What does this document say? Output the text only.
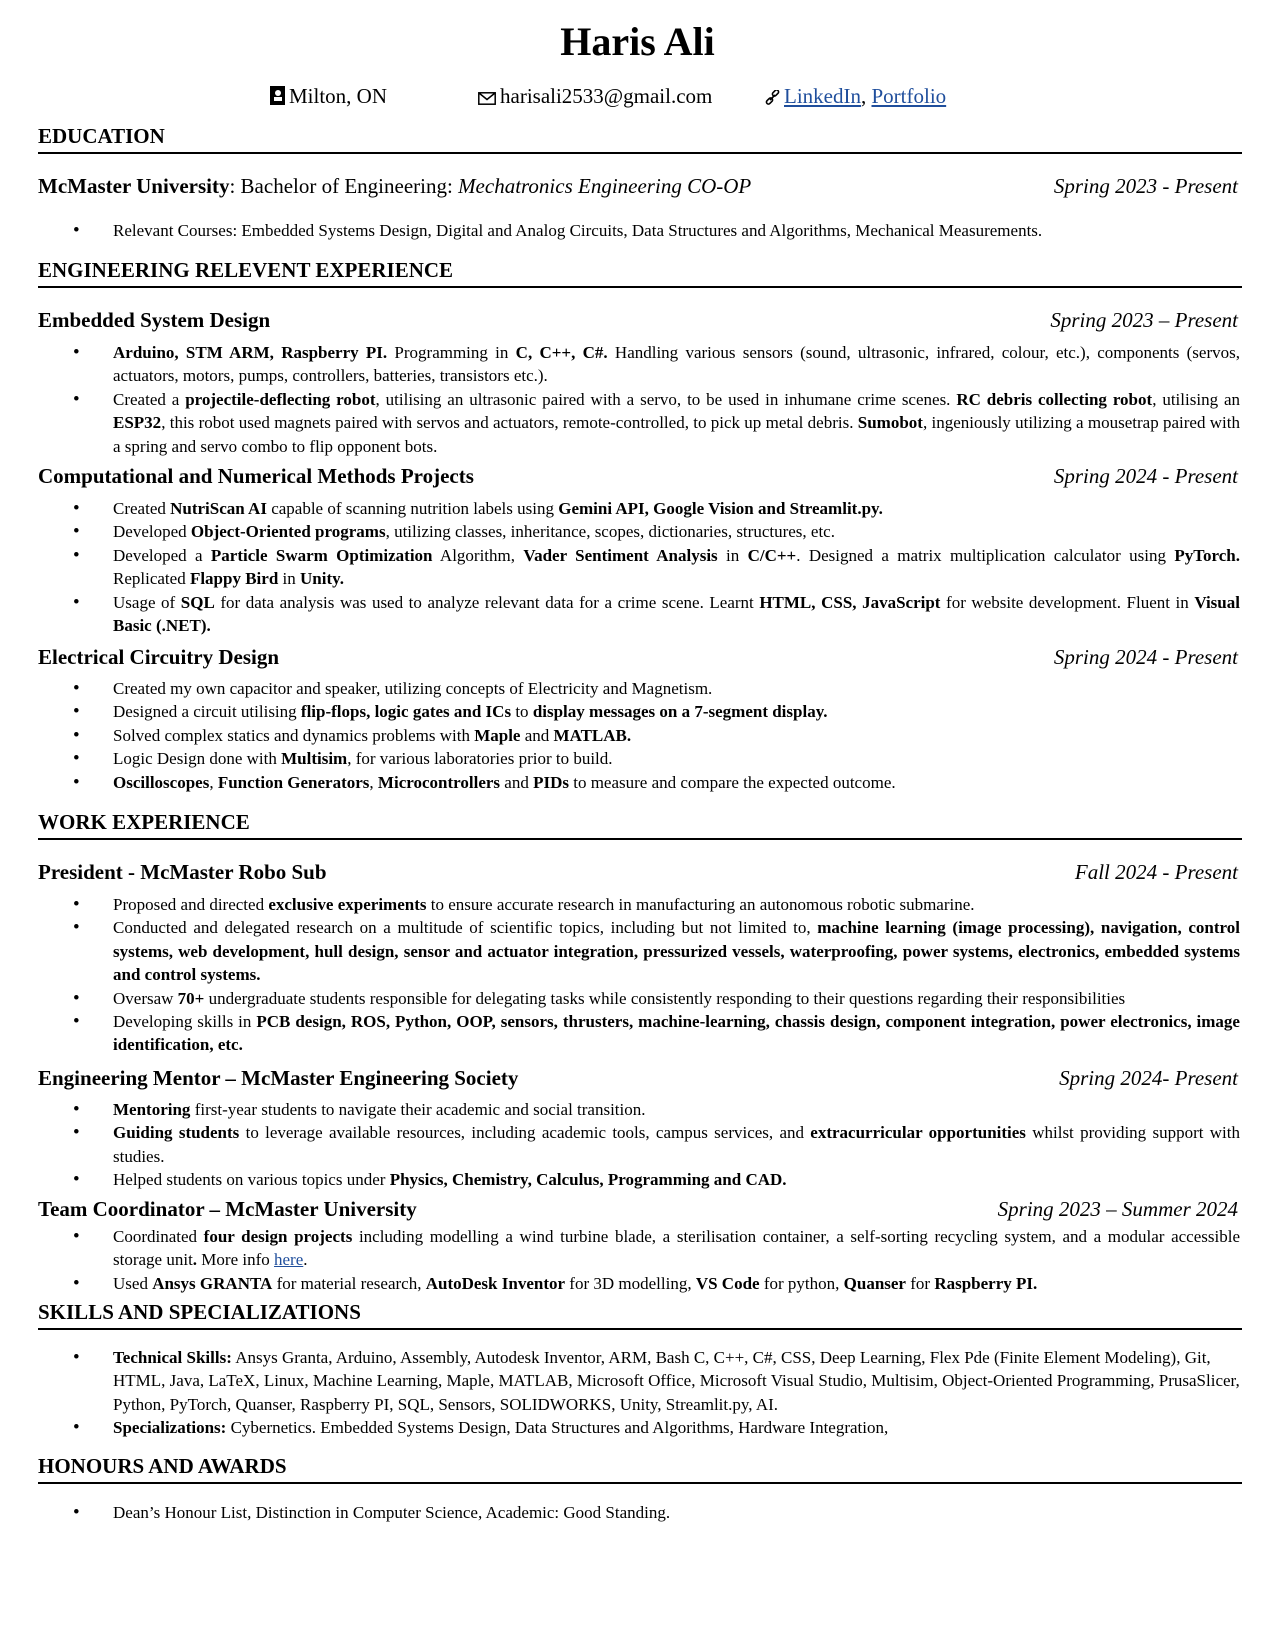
Haris Ali
Milton, ON	harisali2533@gmail.com	LinkedIn, Portfolio
EDUCATION
McMaster University: Bachelor of Engineering: Mechatronics Engineering CO-OP	Spring 2023 - Present
• Relevant Courses: Embedded Systems Design, Digital and Analog Circuits, Data Structures and Algorithms, Mechanical Measurements.
ENGINEERING RELEVENT EXPERIENCE
Embedded System Design	Spring 2023 – Present
• Arduino, STM ARM, Raspberry PI. Programming in C, C++, C#. Handling various sensors (sound, ultrasonic, infrared, colour, etc.), components (servos, actuators, motors, pumps, controllers, batteries, transistors etc.).
• Created a projectile-deflecting robot, utilising an ultrasonic paired with a servo, to be used in inhumane crime scenes. RC debris collecting robot, utilising an ESP32, this robot used magnets paired with servos and actuators, remote-controlled, to pick up metal debris. Sumobot, ingeniously utilizing a mousetrap paired with a spring and servo combo to flip opponent bots.
Computational and Numerical Methods Projects	Spring 2024 - Present
• Created NutriScan AI capable of scanning nutrition labels using Gemini API, Google Vision and Streamlit.py.
• Developed Object-Oriented programs, utilizing classes, inheritance, scopes, dictionaries, structures, etc.
• Developed a Particle Swarm Optimization Algorithm, Vader Sentiment Analysis in C/C++. Designed a matrix multiplication calculator using PyTorch. Replicated Flappy Bird in Unity.
• Usage of SQL for data analysis was used to analyze relevant data for a crime scene. Learnt HTML, CSS, JavaScript for website development. Fluent in Visual Basic (.NET).
Electrical Circuitry Design	Spring 2024 - Present
• Created my own capacitor and speaker, utilizing concepts of Electricity and Magnetism.
• Designed a circuit utilising flip-flops, logic gates and ICs to display messages on a 7-segment display.
• Solved complex statics and dynamics problems with Maple and MATLAB.
• Logic Design done with Multisim, for various laboratories prior to build.
• Oscilloscopes, Function Generators, Microcontrollers and PIDs to measure and compare the expected outcome.
WORK EXPERIENCE
President - McMaster Robo Sub	Fall 2024 - Present
• Proposed and directed exclusive experiments to ensure accurate research in manufacturing an autonomous robotic submarine.
• Conducted and delegated research on a multitude of scientific topics, including but not limited to, machine learning (image processing), navigation, control systems, web development, hull design, sensor and actuator integration, pressurized vessels, waterproofing, power systems, electronics, embedded systems and control systems.
• Oversaw 70+ undergraduate students responsible for delegating tasks while consistently responding to their questions regarding their responsibilities
• Developing skills in PCB design, ROS, Python, OOP, sensors, thrusters, machine-learning, chassis design, component integration, power electronics, image identification, etc.
Engineering Mentor – McMaster Engineering Society	Spring 2024- Present
• Mentoring first-year students to navigate their academic and social transition.
• Guiding students to leverage available resources, including academic tools, campus services, and extracurricular opportunities whilst providing support with studies.
• Helped students on various topics under Physics, Chemistry, Calculus, Programming and CAD.
Team Coordinator – McMaster University	Spring 2023 – Summer 2024
• Coordinated four design projects including modelling a wind turbine blade, a sterilisation container, a self-sorting recycling system, and a modular accessible storage unit. More info here.
• Used Ansys GRANTA for material research, AutoDesk Inventor for 3D modelling, VS Code for python, Quanser for Raspberry PI.
SKILLS AND SPECIALIZATIONS
• Technical Skills: Ansys Granta, Arduino, Assembly, Autodesk Inventor, ARM, Bash C, C++, C#, CSS, Deep Learning, Flex Pde (Finite Element Modeling), Git, HTML, Java, LaTeX, Linux, Machine Learning, Maple, MATLAB, Microsoft Office, Microsoft Visual Studio, Multisim, Object-Oriented Programming, PrusaSlicer, Python, PyTorch, Quanser, Raspberry PI, SQL, Sensors, SOLIDWORKS, Unity, Streamlit.py, AI.
• Specializations: Cybernetics. Embedded Systems Design, Data Structures and Algorithms, Hardware Integration,
HONOURS AND AWARDS
• Dean’s Honour List, Distinction in Computer Science, Academic: Good Standing.
